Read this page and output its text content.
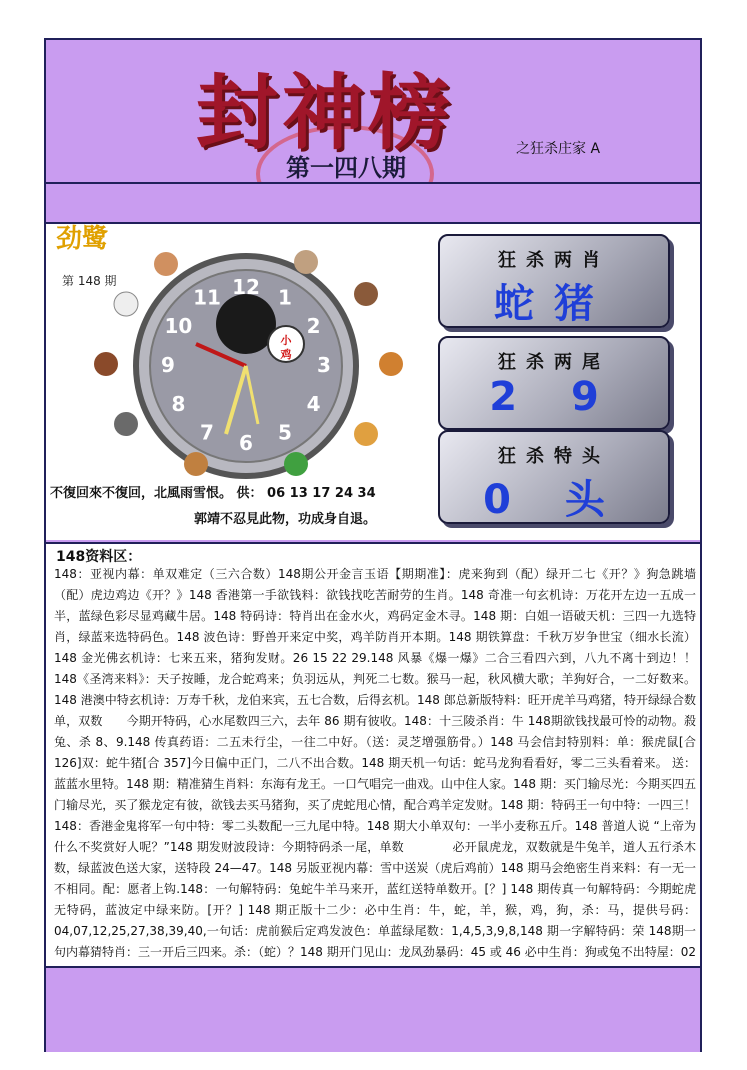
封神榜
第一四八期
之狂杀庄家 A
小
鸡
12 1
2
3
4
5
6
7
8
9
10
11
劲鹭
第 148 期
不復回來不復回，北風雨雪恨。 供： 06 13 17 24 34
郭靖不忍見此物，功成身自退。
狂杀两肖
蛇猪
狂杀两尾
2 9
狂杀特头
0 头
148资料区：
148：亚视内幕：单双难定（三六合数）148期公开金言玉语【期期准】：虎来狗到（配）绿开二七《开？》狗急跳墙（配）虎边鸡边《开？》148 香港第一手欲钱料：欲钱找吃苦耐劳的生肖。148 奇准一句玄机诗：万花开左边一五成一半，蓝绿色彩尽显鸡藏牛居。148 特码诗：特肖出在金水火，鸡码定金木寻。148 期：白姐一语破天机：三四一九选特肖，绿蓝来选特码色。148 波色诗：野兽开来定中奖，鸡羊防肖开本期。148 期铁算盘：千秋万岁争世宝（细水长流）148 金光佛玄机诗：七来五来，猪狗发财。26 15 22 29.148 风暴《爆一爆》二合三看四六到，八九不离十到边！！148《圣湾来料》：天子按睡，龙合蛇鸡来；负羽远从，判死二七数。猴马一起，秋风横大歌；羊狗好合，一二好数来。148 港澳中特玄机诗：万寿千秋，龙伯来宾，五七合数，后得玄机。148 郎总新版特料：旺开虎羊马鸡猪，特开绿绿合数单，双数　　今期开特码，心水尾数四三六，去年 86 期有彼收。148：十三陵杀肖：牛 148期欲钱找最可怜的动物。殺兔、杀 8、9.148 传真药语：二五未行尘，一往二中好。（送：灵芝增强筋骨。）148 马会信封特别料：单：猴虎鼠[合 126]双：蛇牛猪[合 357]今日偏中正门，二八不出合数。148 期天机一句话：蛇马龙狗看看好，零二三头看着来。 送：蓝蓝水里特。148 期：精准猜生肖料：东海有龙王。一口气唱完一曲戏。山中住人家。148 期：买门输尽光：今期买四五门输尽光，买了猴龙定有彼，欲钱去买马猪狗，买了虎蛇甩心情，配合鸡羊定发财。148 期：特码王一句中特：一四三！148：香港金鬼将军一句中特：零二头数配一三九尾中特。148 期大小单双句：一半小麦称五斤。148 普道人说 “上帝为什么不奖赏好人呢？”148 期发财波段诗：今期特码杀一尾，单数　　　　必开鼠虎龙，双数就是牛兔羊，道人五行杀木数，绿蓝波色送大家，送特段 24—47。148 另版亚视内幕：雪中送炭（虎后鸡前）148 期马会绝密生肖来料：有一无一不相同。配：愿者上钩.148：一句解特码：兔蛇牛羊马来开，蓝红送特单数开。[？] 148 期传真一句解特码：今期蛇虎无特码，蓝波定中绿来防。[开？] 148 期正版十二少：必中生肖：牛，蛇，羊，猴，鸡，狗，杀：马，提供号码：04,07,12,25,27,38,39,40,一句话：虎前猴后定鸡发波色：单蓝绿尾数：1,4,5,3,9,8,148 期一字解特码：荣 148期一句内幕猜特肖：三一开后三四来。杀：（蛇）？148 期开门见山：龙凤劲暴码：45 或 46 必中生肖：狗或兔不出特屋：02
